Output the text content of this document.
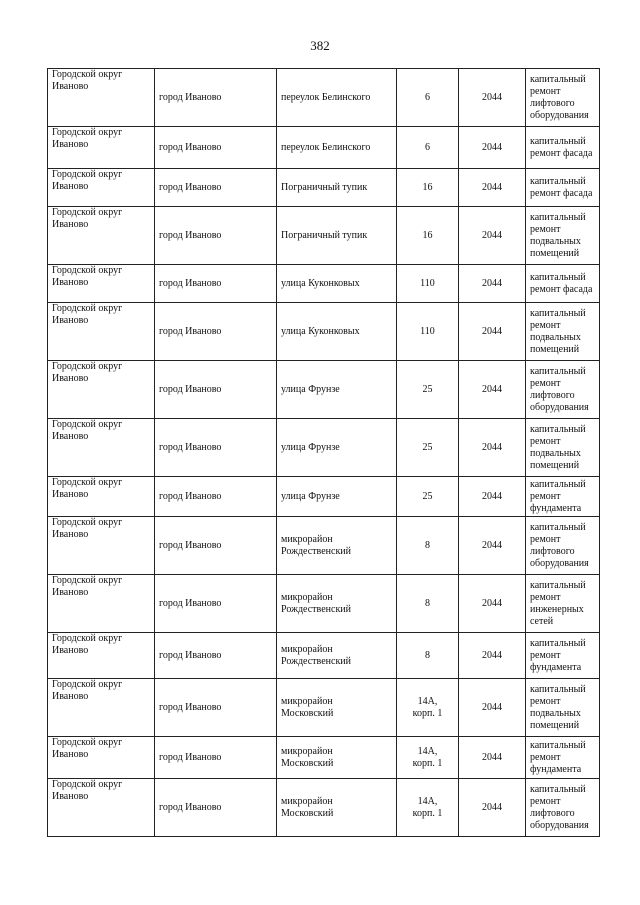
382
Городской округ
Иваново	город Иваново	переулок Белинского	6	2044	капитальный
ремонт
лифтового
оборудования

Городской округ
Иваново	город Иваново	переулок Белинского	6	2044	капитальный
ремонт фасада

Городской округ
Иваново	город Иваново	Пограничный тупик	16	2044	капитальный
ремонт фасада

Городской округ
Иваново	город Иваново	Пограничный тупик	16	2044	капитальный
ремонт
подвальных
помещений

Городской округ
Иваново	город Иваново	улица Куконковых	110	2044	капитальный
ремонт фасада

Городской округ
Иваново	город Иваново	улица Куконковых	110	2044	капитальный
ремонт
подвальных
помещений

Городской округ
Иваново	город Иваново	улица Фрунзе	25	2044	капитальный
ремонт
лифтового
оборудования

Городской округ
Иваново	город Иваново	улица Фрунзе	25	2044	капитальный
ремонт
подвальных
помещений

Городской округ
Иваново	город Иваново	улица Фрунзе	25	2044	капитальный
ремонт
фундамента

Городской округ
Иваново	город Иваново	микрорайон
Рождественский	8	2044	капитальный
ремонт
лифтового
оборудования

Городской округ
Иваново	город Иваново	микрорайон
Рождественский	8	2044	капитальный
ремонт
инженерных
сетей

Городской округ
Иваново	город Иваново	микрорайон
Рождественский	8	2044	капитальный
ремонт
фундамента

Городской округ
Иваново	город Иваново	микрорайон
Московский	14А,
корп. 1	2044	капитальный
ремонт
подвальных
помещений

Городской округ
Иваново	город Иваново	микрорайон
Московский	14А,
корп. 1	2044	капитальный
ремонт
фундамента

Городской округ
Иваново	город Иваново	микрорайон
Московский	14А,
корп. 1	2044	капитальный
ремонт
лифтового
оборудования
